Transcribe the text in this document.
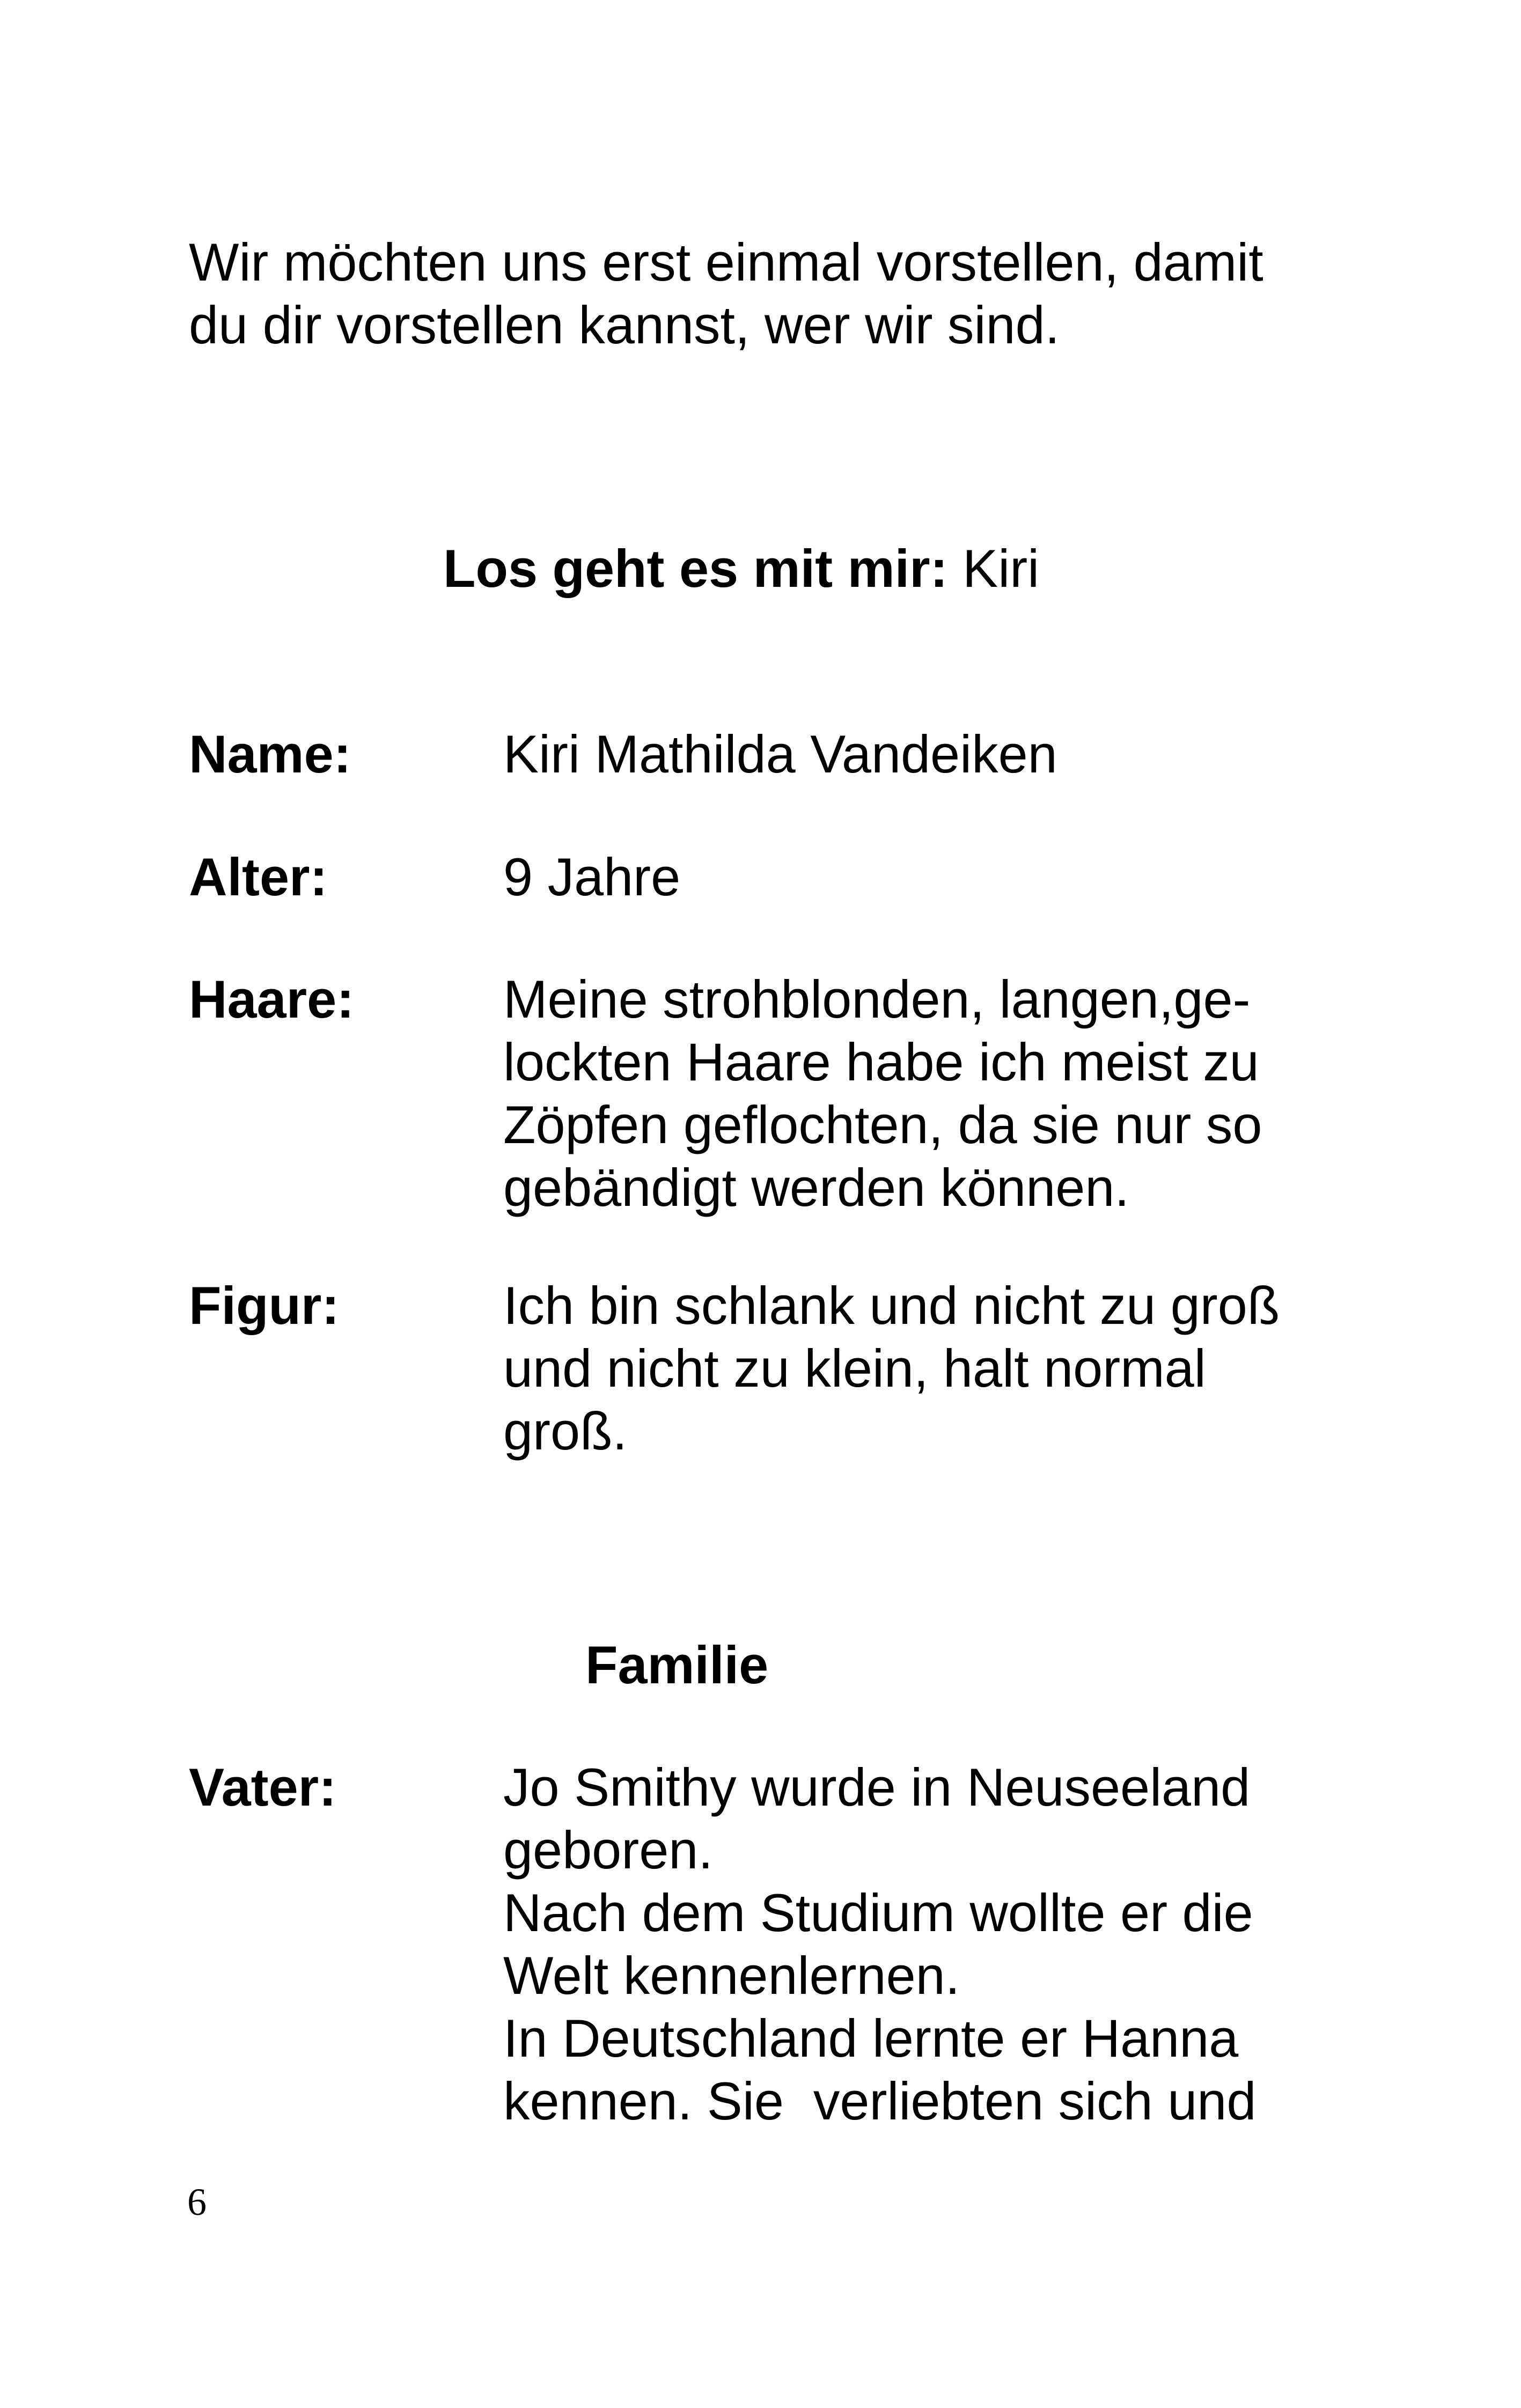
Wir möchten uns erst einmal vorstellen, damit
du dir vorstellen kannst, wer wir sind.

Los geht es mit mir: Kiri

Name:	Kiri Mathilda Vandeiken
Alter:	9 Jahre
Haare:	Meine strohblonden, langen,ge-
lockten Haare habe ich meist zu
Zöpfen geflochten, da sie nur so
gebändigt werden können.
Figur:	Ich bin schlank und nicht zu groß
und nicht zu klein, halt normal
groß.
Familie
Vater:	Jo Smithy wurde in Neuseeland
geboren.
Nach dem Studium wollte er die
Welt kennenlernen.
In Deutschland lernte er Hanna
kennen. Sie  verliebten sich und
6
